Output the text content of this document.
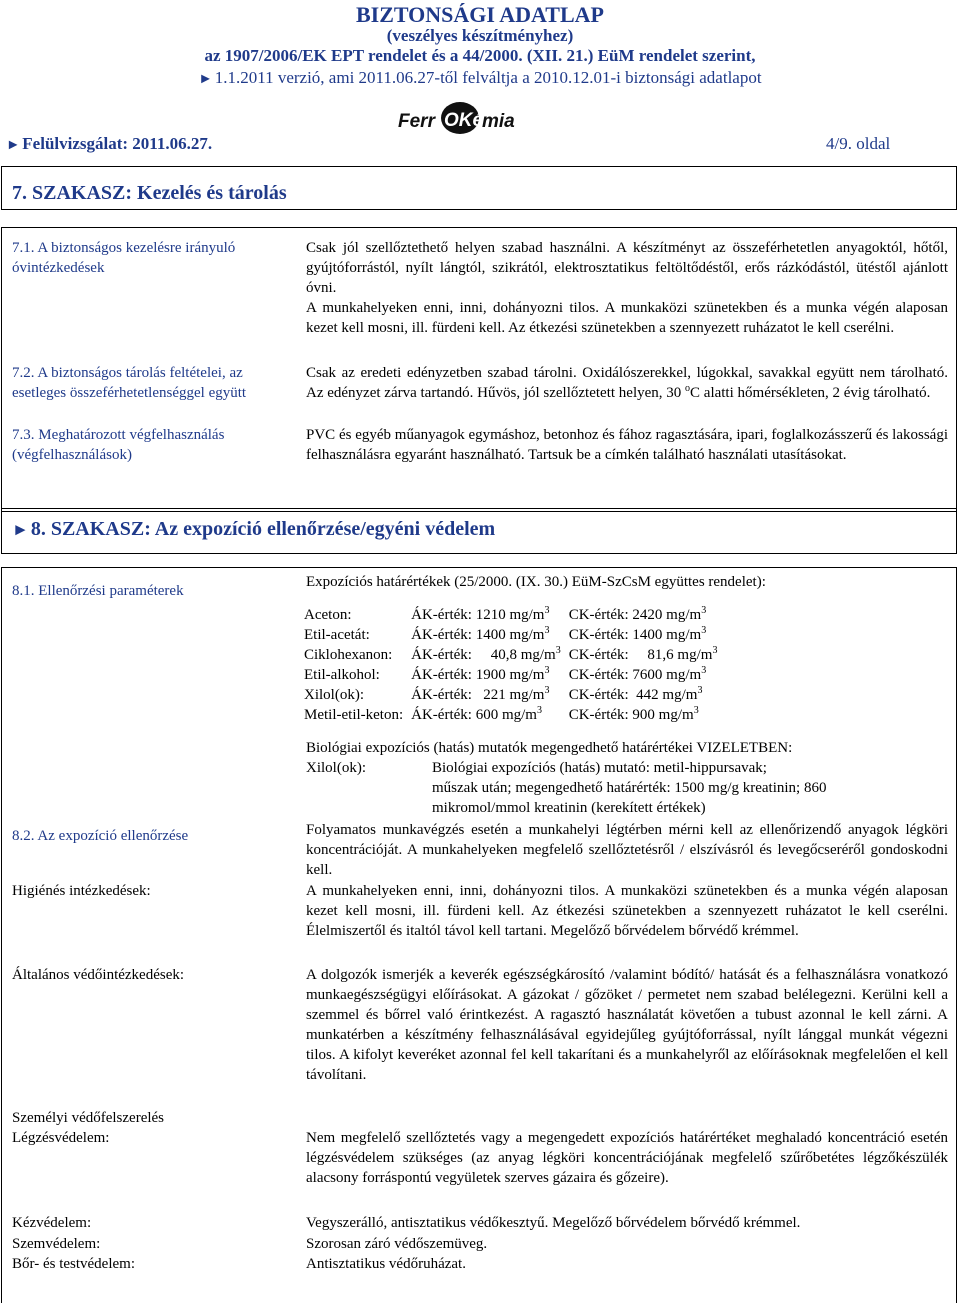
BIZTONSÁGI ADATLAP
(veszélyes készítményhez)
az 1907/2006/EK EPT rendelet és a 44/2000. (XII. 21.) EüM rendelet szerint,
► 1.1.2011 verzió, ami 2011.06.27-től felváltja a 2010.12.01-i biztonsági adatlapot
► Felülvizsgálat: 2011.06.27.
Ferr OKé
mia
4/9. oldal
7. SZAKASZ: Kezelés és tárolás
7.1. A biztonságos kezelésre irányuló óvintézkedések
Csak jól szellőztethető helyen szabad használni. A készítményt az összeférhetetlen anyagoktól, hőtől, gyújtóforrástól, nyílt lángtól, szikrától, elektrosztatikus feltöltődéstől, erős rázkódástól, ütéstől ajánlott óvni.
A munkahelyeken enni, inni, dohányozni tilos. A munkaközi szünetekben és a munka végén alaposan kezet kell mosni, ill. fürdeni kell. Az étkezési szünetekben a szennyezett ruházatot le kell cserélni.
7.2. A biztonságos tárolás feltételei, az esetleges összeférhetetlenséggel együtt
Csak az eredeti edényzetben szabad tárolni. Oxidálószerekkel, lúgokkal, savakkal együtt nem tárolható. Az edényzet zárva tartandó. Hűvös, jól szellőztetett helyen, 30 $^o$C alatti hőmérsékleten, 2 évig tárolható.
7.3. Meghatározott végfelhasználás (végfelhasználások)
PVC és egyéb műanyagok egymáshoz, betonhoz és fához ragasztására, ipari, foglalkozásszerű és lakossági felhasználásra egyaránt használható. Tartsuk be a címkén található használati utasításokat.
► 8. SZAKASZ: Az expozíció ellenőrzése/egyéni védelem
8.1. Ellenőrzési paraméterek
Expozíciós határértékek (25/2000. (IX. 30.) EüM-SzCsM együttes rendelet):
Aceton:	ÁK-érték: 1210 $mg/m^3$	CK-érték: 2420 $mg/m^3$
Etil-acetát:	ÁK-érték: 1400 $mg/m^3$	CK-érték: 1400 $mg/m^3$
Ciklohexanon:	ÁK-érték:     40,8 $mg/m^3$	CK-érték:     81,6 $mg/m^3$
Etil-alkohol:	ÁK-érték: 1900 $mg/m^3$	CK-érték: 7600 $mg/m^3$
Xilol(ok):	ÁK-érték:   221 $mg/m^3$	CK-érték:  442 $mg/m^3$
Metil-etil-keton:	ÁK-érték: 600 $mg/m^3$	CK-érték: 900 $mg/m^3$
Biológiai expozíciós (hatás) mutatók megengedhető határértékei VIZELETBEN:
Xilol(ok):	Biológiai expozíciós (hatás) mutató: metil-hippursavak;
műszak után; megengedhető határérték: 1500 mg/g kreatinin; 860 mikromol/mmol kreatinin (kerekített értékek)
8.2. Az expozíció ellenőrzése	Folyamatos munkavégzés esetén a munkahelyi légtérben mérni kell az ellenőrizendő anyagok légköri koncentrációját. A munkahelyeken megfelelő szellőztetésről / elszívásról és levegőcseréről gondoskodni kell.
Higiénés intézkedések:	A munkahelyeken enni, inni, dohányozni tilos. A munkaközi szünetekben és a munka végén alaposan kezet kell mosni, ill. fürdeni kell. Az étkezési szünetekben a szennyezett ruházatot le kell cserélni. Élelmiszertől és italtól távol kell tartani. Megelőző bőrvédelem bőrvédő krémmel.
Általános védőintézkedések:	A dolgozók ismerjék a keverék egészségkárosító /valamint bódító/ hatását és a felhasználásra vonatkozó munkaegészségügyi előírásokat. A gázokat / gőzöket / permetet nem szabad belélegezni. Kerülni kell a szemmel és bőrrel való érintkezést. A ragasztó használatát követően a tubust azonnal le kell zárni. A munkatérben a készítmény felhasználásával egyidejűleg gyújtóforrással, nyílt lánggal munkát végezni tilos. A kifolyt keveréket azonnal fel kell takarítani és a munkahelyről az előírásoknak megfelelően el kell távolítani.
Személyi védőfelszerelés
Légzésvédelem:	Nem megfelelő szellőztetés vagy a megengedett expozíciós határértéket meghaladó koncentráció esetén légzésvédelem szükséges (az anyag légköri koncentrációjának megfelelő szűrőbetétes légzőkészülék alacsony forráspontú vegyületek szerves gázaira és gőzeire).
Kézvédelem:	Vegyszerálló, antisztatikus védőkesztyű. Megelőző bőrvédelem bőrvédő krémmel.
Szemvédelem:	Szorosan záró védőszemüveg.
Bőr- és testvédelem:	Antisztatikus védőruházat.
